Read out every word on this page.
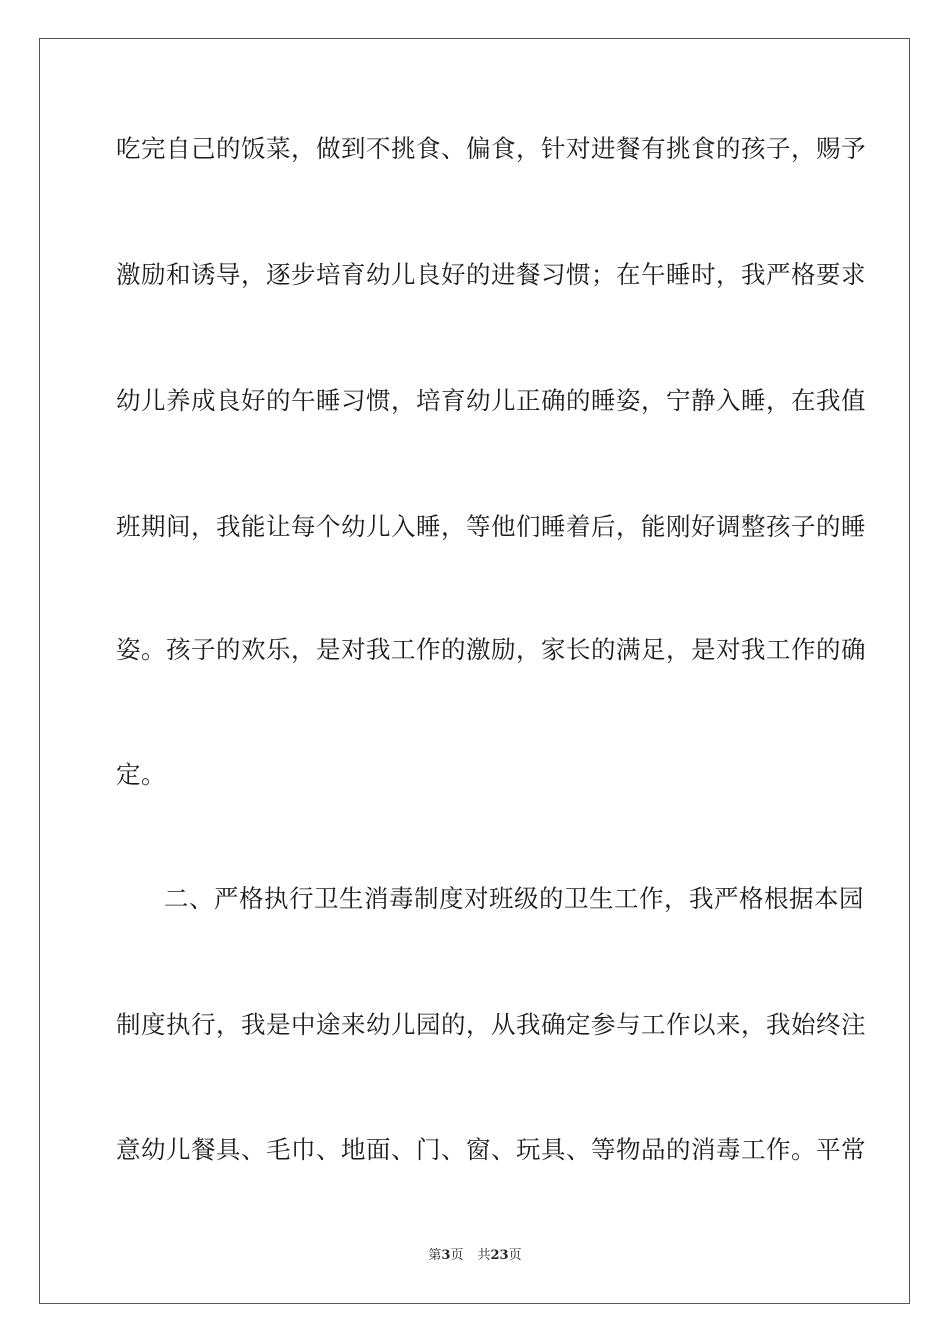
吃完自己的饭菜，做到不挑食、偏食，针对进餐有挑食的孩子，赐予
激励和诱导，逐步培育幼儿良好的进餐习惯；在午睡时，我严格要求
幼儿养成良好的午睡习惯，培育幼儿正确的睡姿，宁静入睡，在我值
班期间，我能让每个幼儿入睡，等他们睡着后，能刚好调整孩子的睡
姿。孩子的欢乐，是对我工作的激励，家长的满足，是对我工作的确
定。
二、严格执行卫生消毒制度对班级的卫生工作，我严格根据本园
制度执行，我是中途来幼儿园的，从我确定参与工作以来，我始终注
意幼儿餐具、毛巾、地面、门、窗、玩具、等物品的消毒工作。平常
第3页 共23页
